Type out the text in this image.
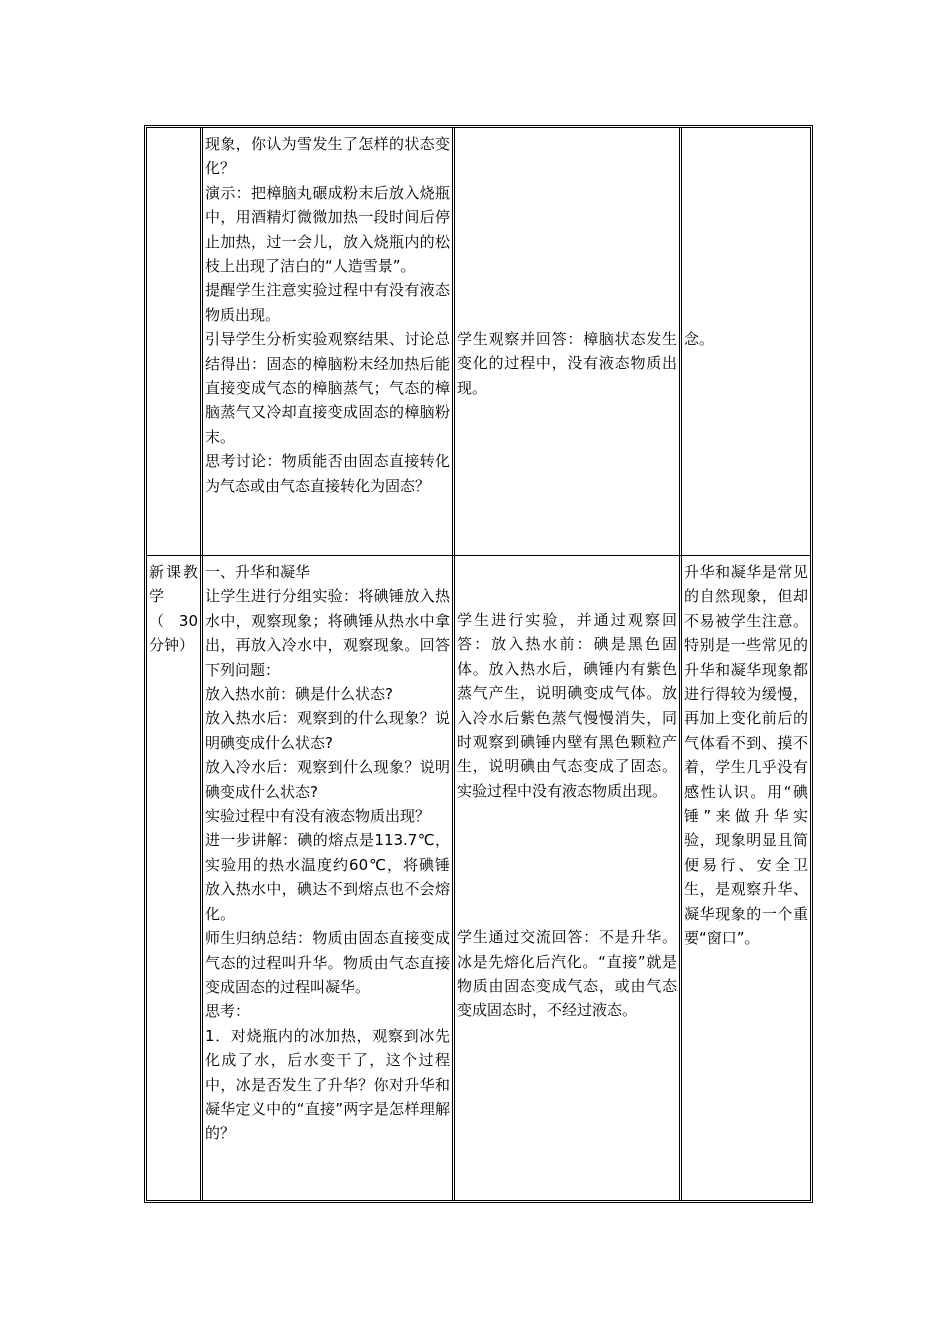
现象，你认为雪发生了怎样的状态变化？

演示：把樟脑丸碾成粉末后放入烧瓶中，用酒精灯微微加热一段时间后停止加热，过一会儿，放入烧瓶内的松枝上出现了洁白的“人造雪景”。

提醒学生注意实验过程中有没有液态物质出现。

引导学生分析实验观察结果、讨论总结得出：固态的樟脑粉末经加热后能直接变成气态的樟脑蒸气；气态的樟脑蒸气又冷却直接变成固态的樟脑粉末。

思考讨论：物质能否由固态直接转化为气态或由气态直接转化为固态？

学生观察并回答：樟脑状态发生变化的过程中，没有液态物质出现。

念。

新课教学（30分钟）

一、升华和凝华

让学生进行分组实验：将碘锤放入热水中，观察现象；将碘锤从热水中拿出，再放入冷水中，观察现象。回答下列问题：

放入热水前：碘是什么状态?

放入热水后：观察到的什么现象？说明碘变成什么状态?

放入冷水后：观察到什么现象？说明碘变成什么状态?

实验过程中有没有液态物质出现？

进一步讲解：碘的熔点是113.7℃，实验用的热水温度约60℃，将碘锤放入热水中，碘达不到熔点也不会熔化。

师生归纳总结：物质由固态直接变成气态的过程叫升华。物质由气态直接变成固态的过程叫凝华。

思考：

1．对烧瓶内的冰加热，观察到冰先化成了水，后水变干了，这个过程中，冰是否发生了升华？你对升华和凝华定义中的“直接”两字是怎样理解的？

学生进行实验，并通过观察回答：放入热水前：碘是黑色固体。放入热水后，碘锤内有紫色蒸气产生，说明碘变成气体。放入冷水后紫色蒸气慢慢消失，同时观察到碘锤内壁有黑色颗粒产生，说明碘由气态变成了固态。实验过程中没有液态物质出现。

学生通过交流回答：不是升华。冰是先熔化后汽化。“直接”就是物质由固态变成气态，或由气态变成固态时，不经过液态。

升华和凝华是常见的自然现象，但却不易被学生注意。特别是一些常见的升华和凝华现象都进行得较为缓慢，再加上变化前后的气体看不到、摸不着，学生几乎没有感性认识。用“碘锤”来做升华实验，现象明显且简便易行、安全卫生，是观察升华、凝华现象的一个重要“窗口”。
